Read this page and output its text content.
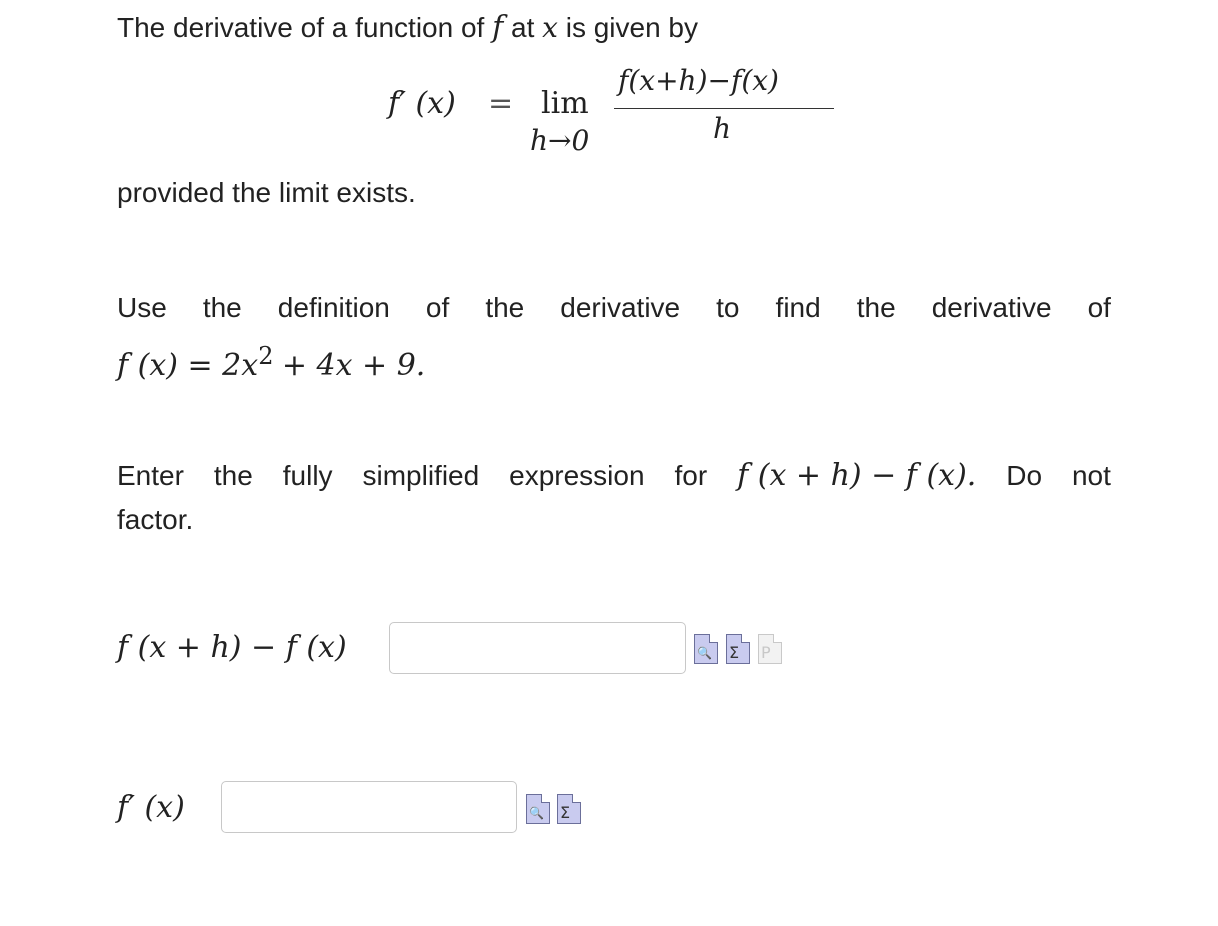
The derivative of a function of f at x is given by
f′ (x) = lim
h→0
f(x+h)−f(x)
h
provided the limit exists.
Use the definition of the derivative to find the derivative of
f $(x) = 2x^2 + 4x + 9$.
Enter the fully simplified expression for f (x + h) − f (x). Do not
factor.
f (x + h) − f (x)	🔍 Σ P
f′ (x)	🔍 Σ
